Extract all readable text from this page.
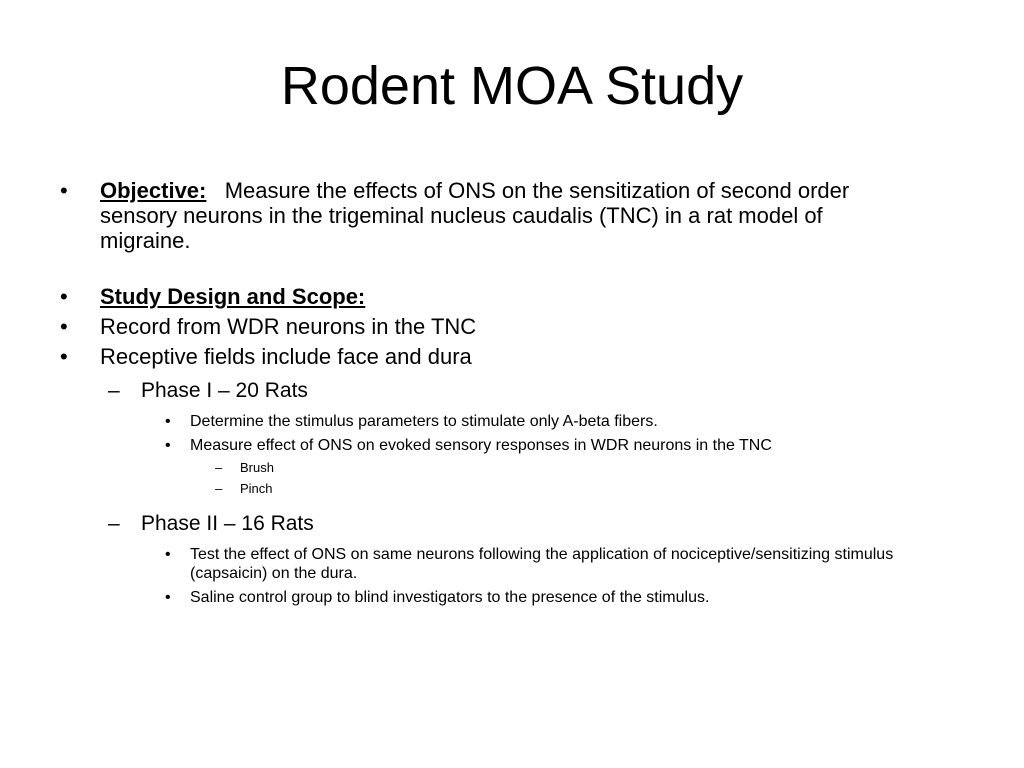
Rodent MOA Study
•	Objective: Measure the effects of ONS on the sensitization of second order sensory neurons in the trigeminal nucleus caudalis (TNC) in a rat model of migraine.
•	Study Design and Scope:
•	Record from WDR neurons in the TNC
•	Receptive fields include face and dura
–	Phase I – 20 Rats
•	Determine the stimulus parameters to stimulate only A-beta fibers.
•	Measure effect of ONS on evoked sensory responses in WDR neurons in the TNC
–	Brush
–	Pinch
–	Phase II – 16 Rats
•	Test the effect of ONS on same neurons following the application of nociceptive/sensitizing stimulus (capsaicin) on the dura.
•	Saline control group to blind investigators to the presence of the stimulus.
